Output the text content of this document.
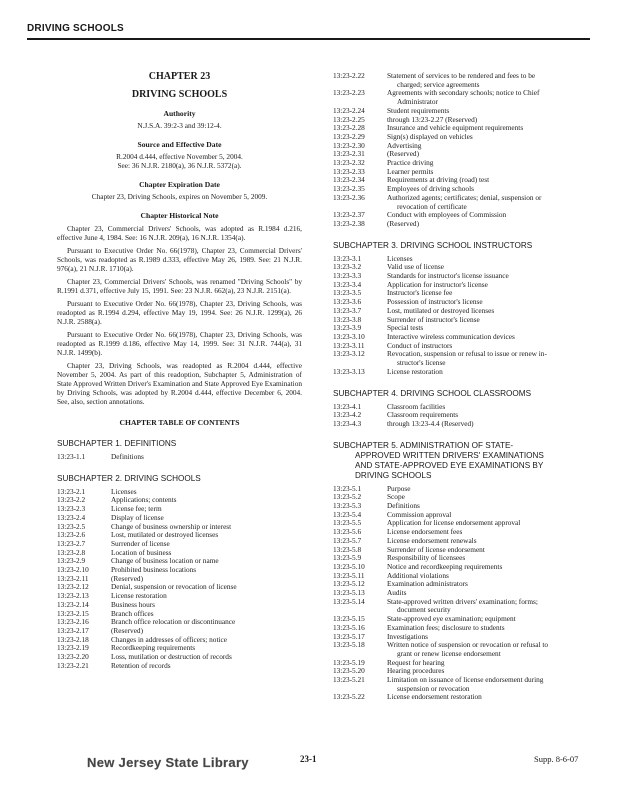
DRIVING SCHOOLS
CHAPTER 23
DRIVING SCHOOLS
Authority
N.J.S.A. 39:2-3 and 39:12-4.
Source and Effective Date
R.2004 d.444, effective November 5, 2004.
See: 36 N.J.R. 2180(a), 36 N.J.R. 5372(a).
Chapter Expiration Date
Chapter 23, Driving Schools, expires on November 5, 2009.
Chapter Historical Note

Chapter 23, Commercial Drivers' Schools, was adopted as R.1984 d.216, effective June 4, 1984. See: 16 N.J.R. 209(a), 16 N.J.R. 1354(a).

Pursuant to Executive Order No. 66(1978), Chapter 23, Commercial Drivers' Schools, was readopted as R.1989 d.333, effective May 26, 1989. See: 21 N.J.R. 976(a), 21 N.J.R. 1710(a).

Chapter 23, Commercial Drivers' Schools, was renamed "Driving Schools" by R.1991 d.371, effective July 15, 1991. See: 23 N.J.R. 662(a), 23 N.J.R. 2151(a).

Pursuant to Executive Order No. 66(1978), Chapter 23, Driving Schools, was readopted as R.1994 d.294, effective May 19, 1994. See: 26 N.J.R. 1299(a), 26 N.J.R. 2588(a).

Pursuant to Executive Order No. 66(1978), Chapter 23, Driving Schools, was readopted as R.1999 d.186, effective May 14, 1999. See: 31 N.J.R. 744(a), 31 N.J.R. 1499(b).

Chapter 23, Driving Schools, was readopted as R.2004 d.444, effective November 5, 2004. As part of this readoption, Subchapter 5, Administration of State Approved Written Driver's Examination and State Approved Eye Examination by Driving Schools, was adopted by R.2004 d.444, effective December 6, 2004. See, also, section annotations.

CHAPTER TABLE OF CONTENTS
SUBCHAPTER 1. DEFINITIONS
13:23-1.1	Definitions
SUBCHAPTER 2. DRIVING SCHOOLS
13:23-2.1	Licenses
13:23-2.2	Applications; contents
13:23-2.3	License fee; term
13:23-2.4	Display of license
13:23-2.5	Change of business ownership or interest
13:23-2.6	Lost, mutilated or destroyed licenses
13:23-2.7	Surrender of license
13:23-2.8	Location of business
13:23-2.9	Change of business location or name
13:23-2.10	Prohibited business locations
13:23-2.11	(Reserved)
13:23-2.12	Denial, suspension or revocation of license
13:23-2.13	License restoration
13:23-2.14	Business hours
13:23-2.15	Branch offices
13:23-2.16	Branch office relocation or discontinuance
13:23-2.17	(Reserved)
13:23-2.18	Changes in addresses of officers; notice
13:23-2.19	Recordkeeping requirements
13:23-2.20	Loss, mutilation or destruction of records
13:23-2.21	Retention of records
13:23-2.22	Statement of services to be rendered and fees to be
charged; service agreements
13:23-2.23	Agreements with secondary schools; notice to Chief
Administrator
13:23-2.24	Student requirements
13:23-2.25	through 13:23-2.27 (Reserved)
13:23-2.28	Insurance and vehicle equipment requirements
13:23-2.29	Sign(s) displayed on vehicles
13:23-2.30	Advertising
13:23-2.31	(Reserved)
13:23-2.32	Practice driving
13:23-2.33	Learner permits
13:23-2.34	Requirements at driving (road) test
13:23-2.35	Employees of driving schools
13:23-2.36	Authorized agents; certificates; denial, suspension or
revocation of certificate
13:23-2.37	Conduct with employees of Commission
13:23-2.38	(Reserved)
SUBCHAPTER 3. DRIVING SCHOOL INSTRUCTORS
13:23-3.1	Licenses
13:23-3.2	Valid use of license
13:23-3.3	Standards for instructor's license issuance
13:23-3.4	Application for instructor's license
13:23-3.5	Instructor's license fee
13:23-3.6	Possession of instructor's license
13:23-3.7	Lost, mutilated or destroyed licenses
13:23-3.8	Surrender of instructor's license
13:23-3.9	Special tests
13:23-3.10	Interactive wireless communication devices
13:23-3.11	Conduct of instructors
13:23-3.12	Revocation, suspension or refusal to issue or renew in-
structor's license
13:23-3.13	License restoration
SUBCHAPTER 4. DRIVING SCHOOL CLASSROOMS
13:23-4.1	Classroom facilities
13:23-4.2	Classroom requirements
13:23-4.3	through 13:23-4.4 (Reserved)
SUBCHAPTER 5. ADMINISTRATION OF STATE-
APPROVED WRITTEN DRIVERS' EXAMINATIONS
AND STATE-APPROVED EYE EXAMINATIONS BY
DRIVING SCHOOLS
13:23-5.1	Purpose
13:23-5.2	Scope
13:23-5.3	Definitions
13:23-5.4	Commission approval
13:23-5.5	Application for license endorsement approval
13:23-5.6	License endorsement fees
13:23-5.7	License endorsement renewals
13:23-5.8	Surrender of license endorsement
13:23-5.9	Responsibility of licensees
13:23-5.10	Notice and recordkeeping requirements
13:23-5.11	Additional violations
13:23-5.12	Examination administrators
13:23-5.13	Audits
13:23-5.14	State-approved written drivers' examination; forms;
document security
13:23-5.15	State-approved eye examination; equipment
13:23-5.16	Examination fees; disclosure to students
13:23-5.17	Investigations
13:23-5.18	Written notice of suspension or revocation or refusal to
grant or renew license endorsement
13:23-5.19	Request for hearing
13:23-5.20	Hearing procedures
13:23-5.21	Limitation on issuance of license endorsement during
suspension or revocation
13:23-5.22	License endorsement restoration
New Jersey State Library	23-1	Supp. 8-6-07
